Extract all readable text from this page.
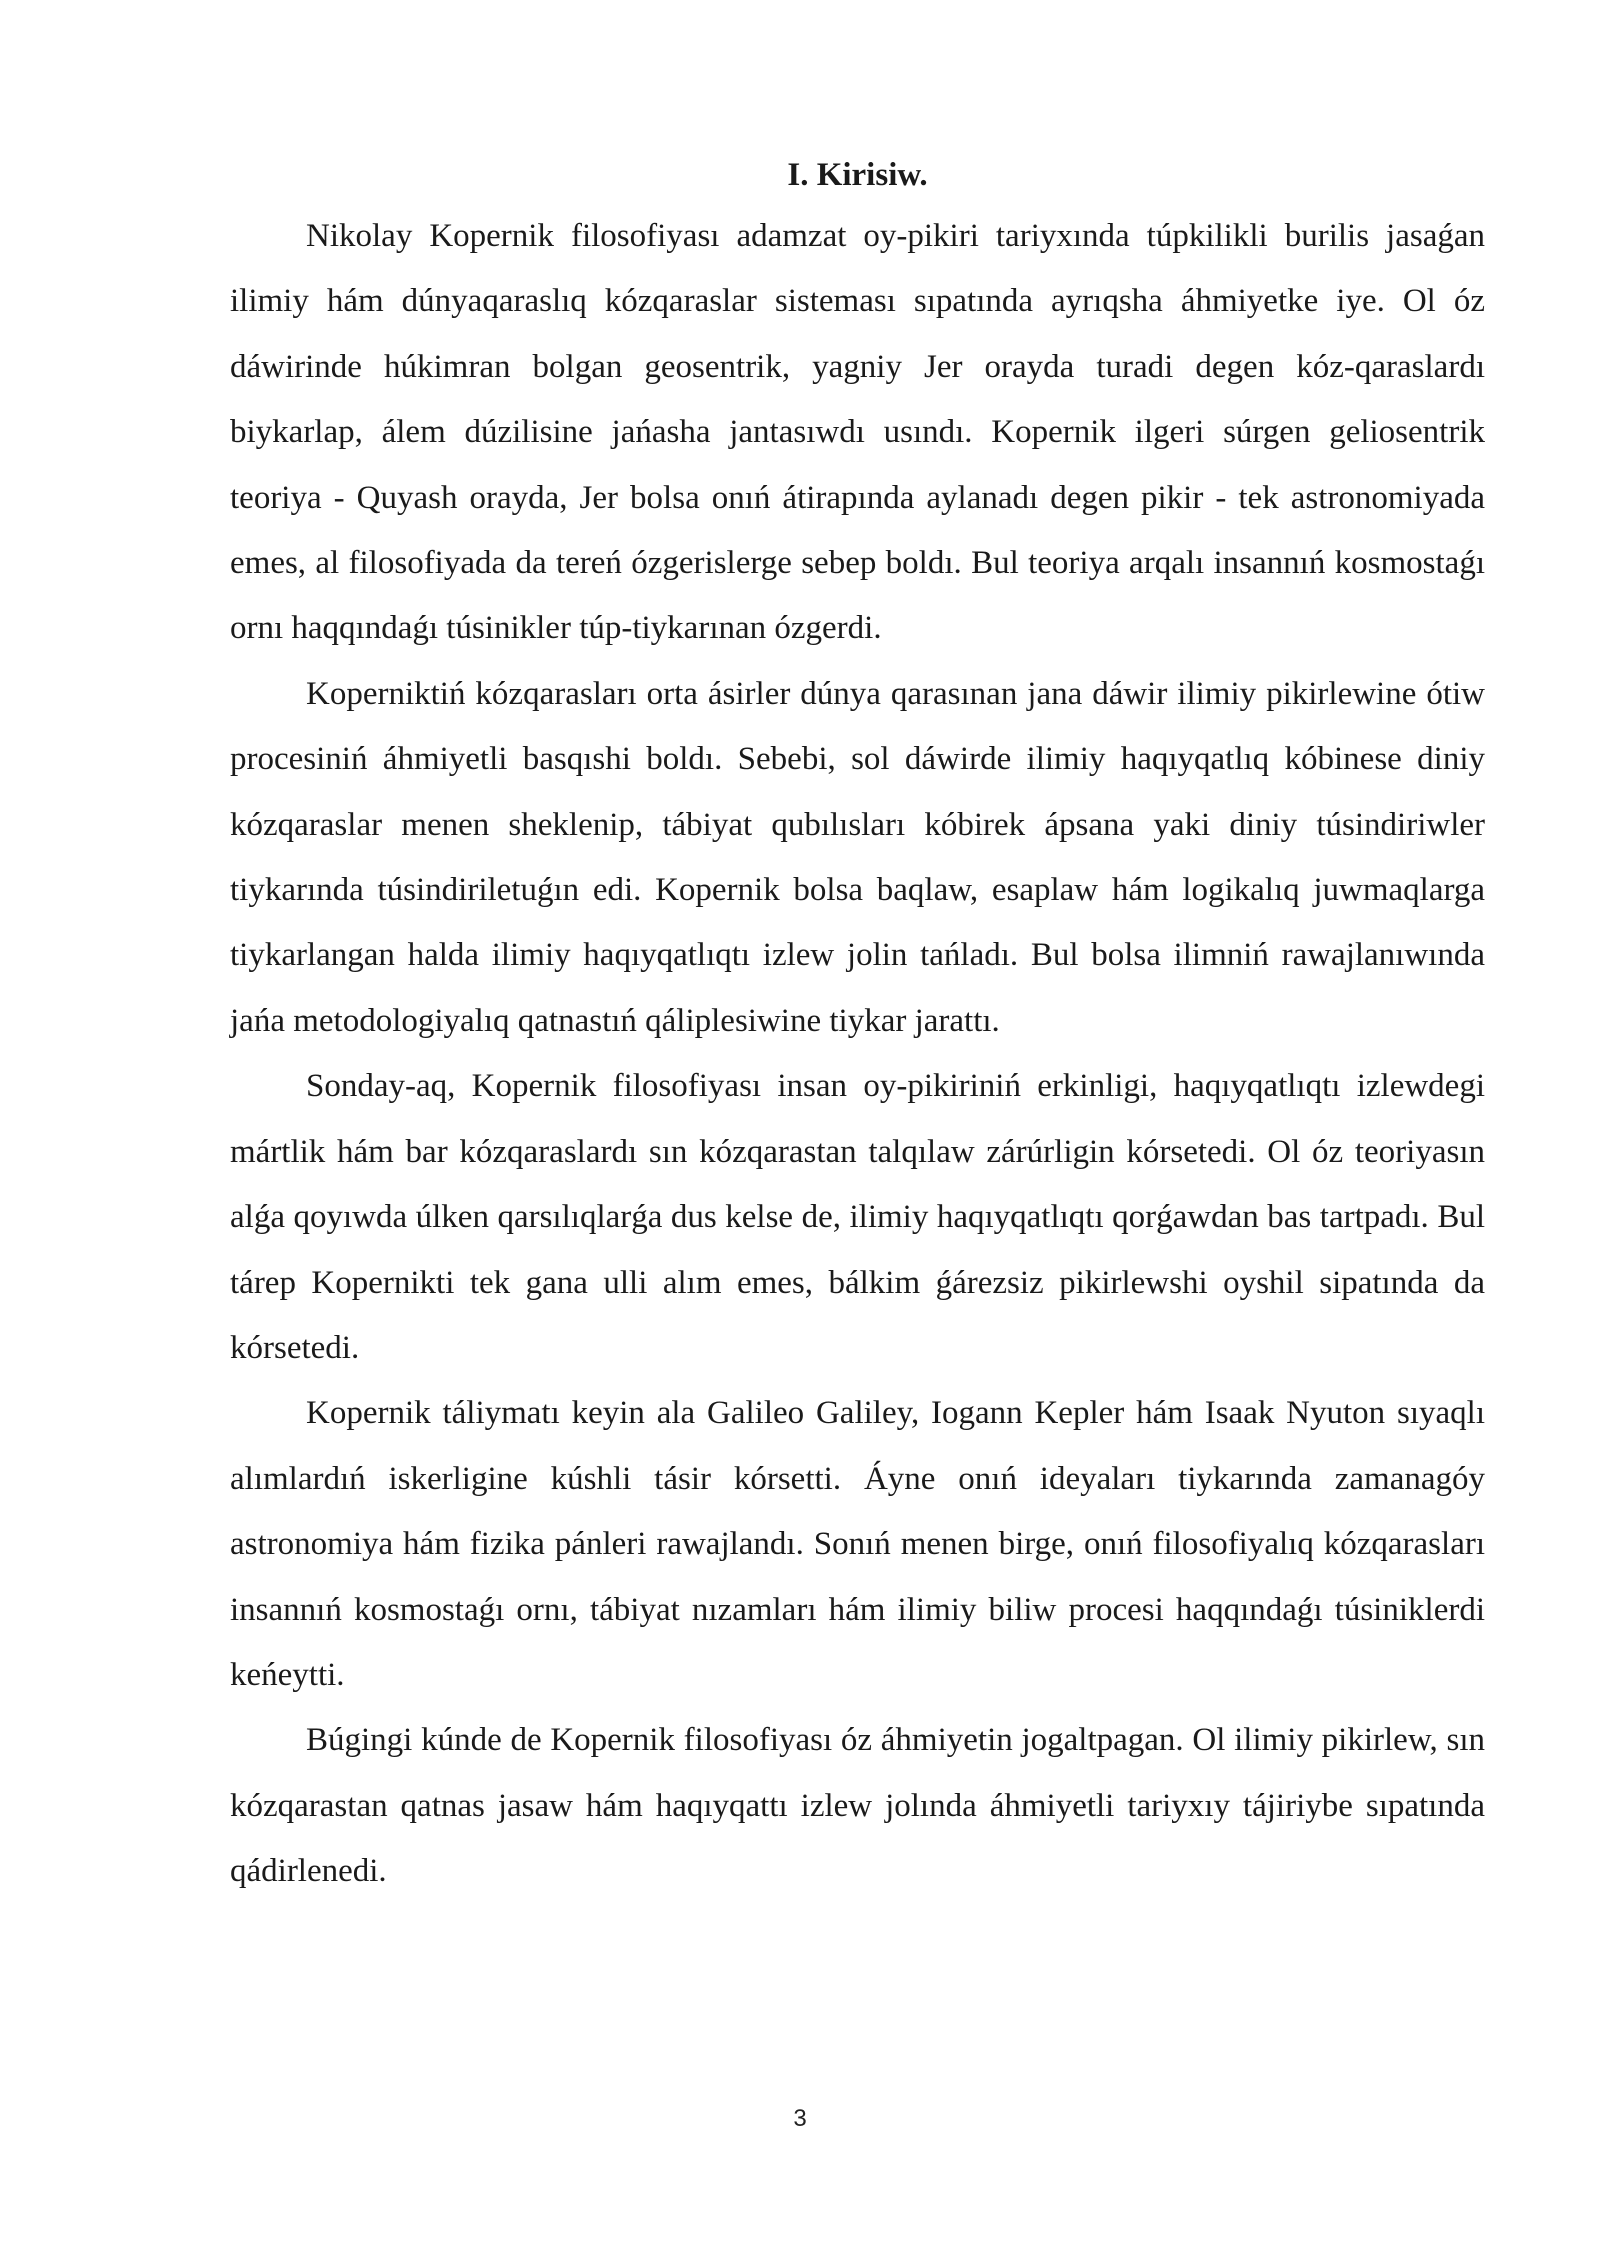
I. Kirisiw.

Nikolay Kopernik filosofiyası adamzat oy-pikiri tariyxında túpkilikli burilis jasaǵan ilimiy hám dúnyaqaraslıq kózqaraslar sisteması sıpatında ayrıqsha áhmiyetke iye. Ol óz dáwirinde húkimran bolgan geosentrik, yagniy Jer orayda turadi degen kóz-qaraslardı biykarlap, álem dúzilisine jańasha jantasıwdı usındı. Kopernik ilgeri súrgen geliosentrik teoriya - Quyash orayda, Jer bolsa onıń átirapında aylanadı degen pikir - tek astronomiyada emes, al filosofiyada da tereń ózgerislerge sebep boldı. Bul teoriya arqalı insannıń kosmostaǵı ornı haqqındaǵı túsinikler túp-tiykarınan ózgerdi.

Koperniktiń kózqarasları orta ásirler dúnya qarasınan jana dáwir ilimiy pikirlewine ótiw procesiniń áhmiyetli basqıshi boldı. Sebebi, sol dáwirde ilimiy haqıyqatlıq kóbinese diniy kózqaraslar menen sheklenip, tábiyat qubılısları kóbirek ápsana yaki diniy túsindiriwler tiykarında túsindiriletuǵın edi. Kopernik bolsa baqlaw, esaplaw hám logikalıq juwmaqlarga tiykarlangan halda ilimiy haqıyqatlıqtı izlew jolin tańladı. Bul bolsa ilimniń rawajlanıwında jańa metodologiyalıq qatnastıń qáliplesiwine tiykar jarattı.

Sonday-aq, Kopernik filosofiyası insan oy-pikiriniń erkinligi, haqıyqatlıqtı izlewdegi mártlik hám bar kózqaraslardı sın kózqarastan talqılaw zárúrligin kórsetedi. Ol óz teoriyasın alǵa qoyıwda úlken qarsılıqlarǵa dus kelse de, ilimiy haqıyqatlıqtı qorǵawdan bas tartpadı. Bul tárep Kopernikti tek gana ulli alım emes, bálkim ǵárezsiz pikirlewshi oyshil sipatında da kórsetedi.

Kopernik táliymatı keyin ala Galileo Galiley, Iogann Kepler hám Isaak Nyuton sıyaqlı alımlardıń iskerligine kúshli tásir kórsetti. Áyne onıń ideyaları tiykarında zamanagóy astronomiya hám fizika pánleri rawajlandı. Sonıń menen birge, onıń filosofiyalıq kózqarasları insannıń kosmostaǵı ornı, tábiyat nızamları hám ilimiy biliw procesi haqqındaǵı túsiniklerdi keńeytti.

Búgingi kúnde de Kopernik filosofiyası óz áhmiyetin jogaltpagan. Ol ilimiy pikirlew, sın kózqarastan qatnas jasaw hám haqıyqattı izlew jolında áhmiyetli tariyxıy tájiriybe sıpatında qádirlenedi.

3
